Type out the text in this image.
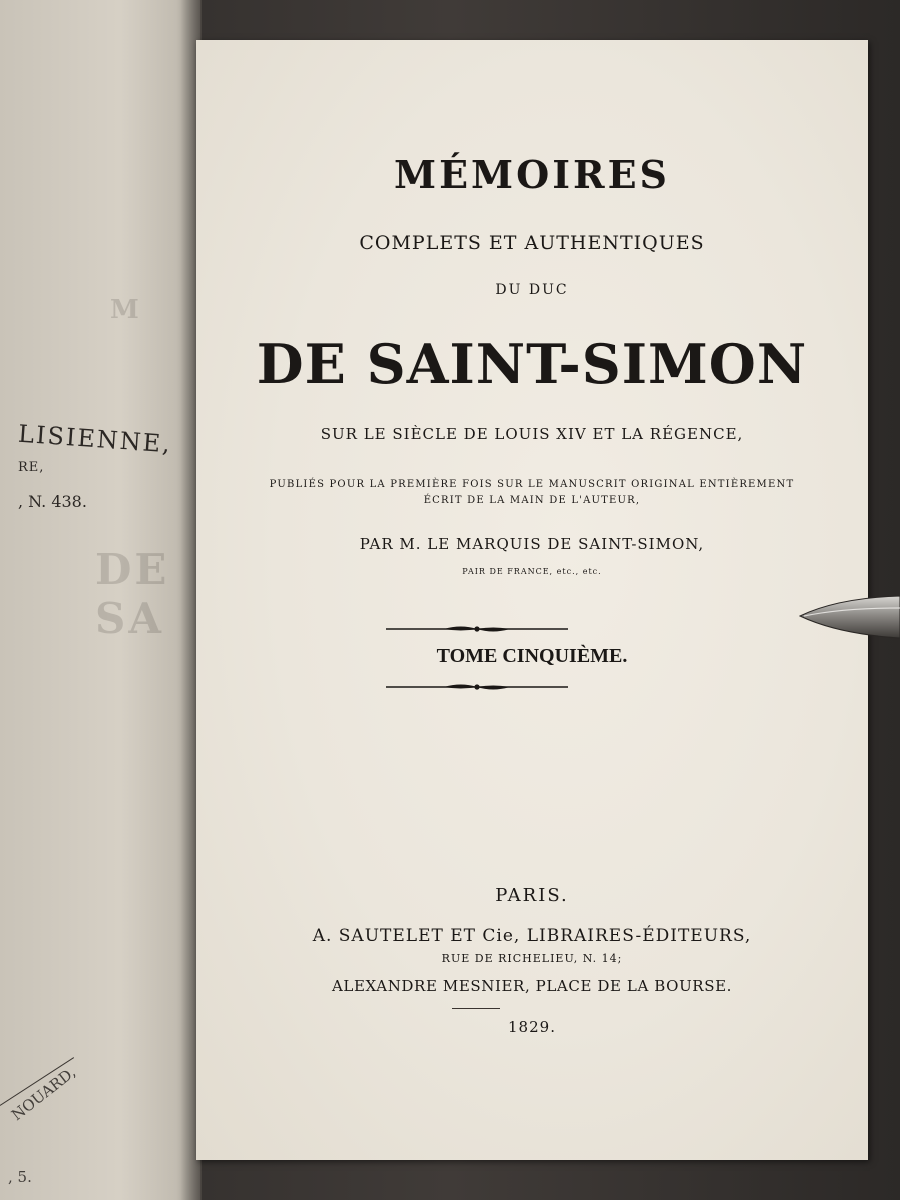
M
DE SA
LISIENNE,
RE,
, N. 438.
NOUARD,
, 5.
MÉMOIRES
COMPLETS ET AUTHENTIQUES
DU DUC
DE SAINT-SIMON
SUR LE SIÈCLE DE LOUIS XIV ET LA RÉGENCE,
PUBLIÉS POUR LA PREMIÈRE FOIS SUR LE MANUSCRIT ORIGINAL ENTIÈREMENT
ÉCRIT DE LA MAIN DE L'AUTEUR,
PAR M. LE MARQUIS DE SAINT-SIMON,
PAIR DE FRANCE, etc., etc.
TOME CINQUIÈME.
PARIS.
A. SAUTELET ET Cie, LIBRAIRES-ÉDITEURS,
RUE DE RICHELIEU, N. 14;
ALEXANDRE MESNIER, PLACE DE LA BOURSE.
1829.
